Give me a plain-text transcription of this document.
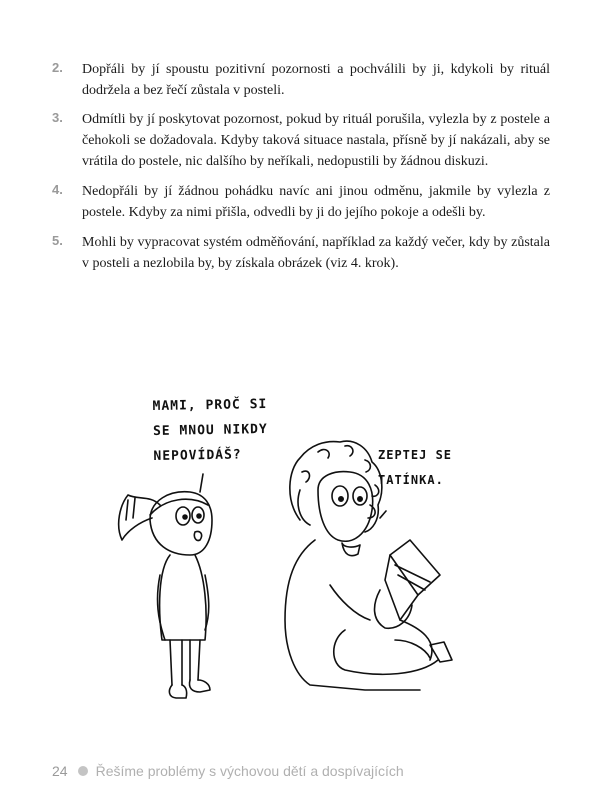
2. Dopřáli by jí spoustu pozitivní pozornosti a pochválili by ji, kdykoli by rituál dodržela a bez řečí zůstala v posteli.
3. Odmítli by jí poskytovat pozornost, pokud by rituál porušila, vylezla by z postele a čehokoli se dožadovala. Kdyby taková situace nastala, přísně by jí nakázali, aby se vrátila do postele, nic dalšího by neříkali, nedopustili by žádnou diskuzi.
4. Nedopřáli by jí žádnou pohádku navíc ani jinou odměnu, jakmile by vylezla z postele. Kdyby za nimi přišla, odvedli by ji do jejího pokoje a odešli by.
5. Mohli by vypracovat systém odměňování, například za každý večer, kdy by zůstala v posteli a nezlobila by, by získala obrázek (viz 4. krok).
MAMI, PROČ SI
SE MNOU NIKDY
NEPOVÍDÁŠ?	ZEPTEJ SE
TATÍNKA.
24 Řešíme problémy s výchovou dětí a dospívajících
